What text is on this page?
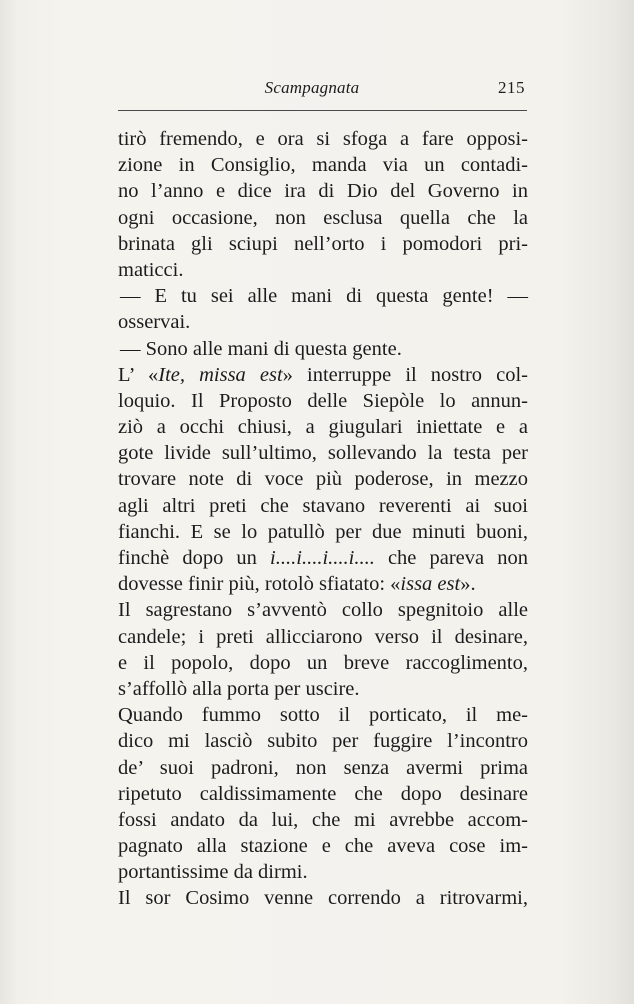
Scampagnata	215
tirò fremendo, e ora si sfoga a fare opposi-
zione in Consiglio, manda via un contadi-
no l’anno e dice ira di Dio del Governo in
ogni occasione, non esclusa quella che la
brinata gli sciupi nell’orto i pomodori pri-
maticci.
— E tu sei alle mani di questa gente! —
osservai.
— Sono alle mani di questa gente.
L’ «Ite, missa est» interruppe il nostro col-
loquio. Il Proposto delle Siepòle lo annun-
ziò a occhi chiusi, a giugulari iniettate e a
gote livide sull’ultimo, sollevando la testa per
trovare note di voce più poderose, in mezzo
agli altri preti che stavano reverenti ai suoi
fianchi. E se lo patullò per due minuti buoni,
finchè dopo un i....i....i....i.... che pareva non
dovesse finir più, rotolò sfiatato: «issa est».
Il sagrestano s’avventò collo spegnitoio alle
candele; i preti allicciarono verso il desinare,
e il popolo, dopo un breve raccoglimento,
s’affollò alla porta per uscire.
Quando fummo sotto il porticato, il me-
dico mi lasciò subito per fuggire l’incontro
de’ suoi padroni, non senza avermi prima
ripetuto caldissimamente che dopo desinare
fossi andato da lui, che mi avrebbe accom-
pagnato alla stazione e che aveva cose im-
portantissime da dirmi.
Il sor Cosimo venne correndo a ritrovarmi,
